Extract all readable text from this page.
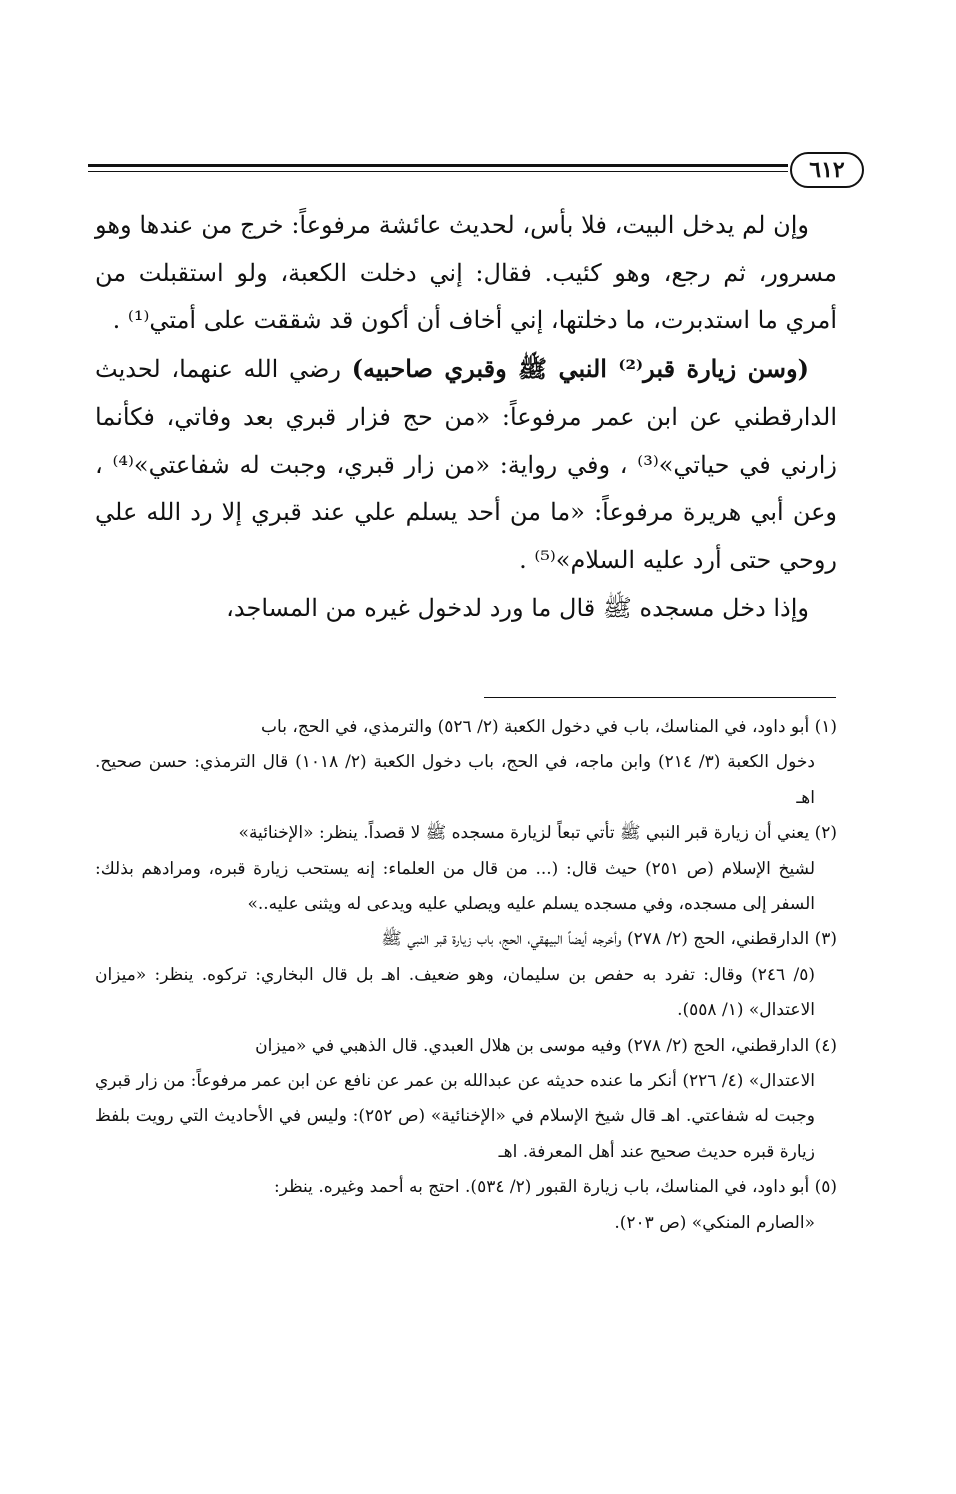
٦١٢

وإن لم يدخل البيت، فلا بأس، لحديث عائشة مرفوعاً: خرج من عندها وهو مسرور، ثم رجع، وهو كئيب. فقال: إني دخلت الكعبة، ولو استقبلت من أمري ما استدبرت، ما دخلتها، إني أخاف أن أكون قد شققت على أمتي⁽¹⁾ .

(وسن زيارة قبر⁽²⁾ النبي ﷺ وقبري صاحبيه) رضي الله عنهما، لحديث الدارقطني عن ابن عمر مرفوعاً: «من حج فزار قبري بعد وفاتي، فكأنما زارني في حياتي»⁽³⁾ ، وفي رواية: «من زار قبري، وجبت له شفاعتي»⁽⁴⁾ ، وعن أبي هريرة مرفوعاً: «ما من أحد يسلم علي عند قبري إلا رد الله علي روحي حتى أرد عليه السلام»⁽⁵⁾ .

وإذا دخل مسجده ﷺ قال ما ورد لدخول غيره من المساجد،

(١) أبو داود، في المناسك، باب في دخول الكعبة (٢/ ٥٢٦) والترمذي، في الحج، باب

دخول الكعبة (٣/ ٢١٤) وابن ماجه، في الحج، باب دخول الكعبة (٢/ ١٠١٨) قال الترمذي: حسن صحيح. اهـ

(٢) يعني أن زيارة قبر النبي ﷺ تأتي تبعاً لزيارة مسجده ﷺ لا قصداً. ينظر: «الإخنائية»

لشيخ الإسلام (ص ٢٥١) حيث قال: (... من قال من العلماء: إنه يستحب زيارة قبره، ومرادهم بذلك: السفر إلى مسجده، وفي مسجده يسلم عليه ويصلي عليه ويدعى له ويثنى عليه..»

(٣) الدارقطني، الحج (٢/ ٢٧٨) وأخرجه أيضاً البيهقي، الحج، باب زيارة قبر النبي ﷺ

(٥/ ٢٤٦) وقال: تفرد به حفص بن سليمان، وهو ضعيف. اهـ بل قال البخاري: تركوه. ينظر: «ميزان الاعتدال» (١/ ٥٥٨).

(٤) الدارقطني، الحج (٢/ ٢٧٨) وفيه موسى بن هلال العبدي. قال الذهبي في «ميزان

الاعتدال» (٤/ ٢٢٦) أنكر ما عنده حديثه عن عبدالله بن عمر عن نافع عن ابن عمر مرفوعاً: من زار قبري وجبت له شفاعتي. اهـ قال شيخ الإسلام في «الإخنائية» (ص ٢٥٢): وليس في الأحاديث التي رويت بلفظ زيارة قبره حديث صحيح عند أهل المعرفة. اهـ

(٥) أبو داود، في المناسك، باب زيارة القبور (٢/ ٥٣٤). احتج به أحمد وغيره. ينظر:

«الصارم المنكي» (ص ٢٠٣).
